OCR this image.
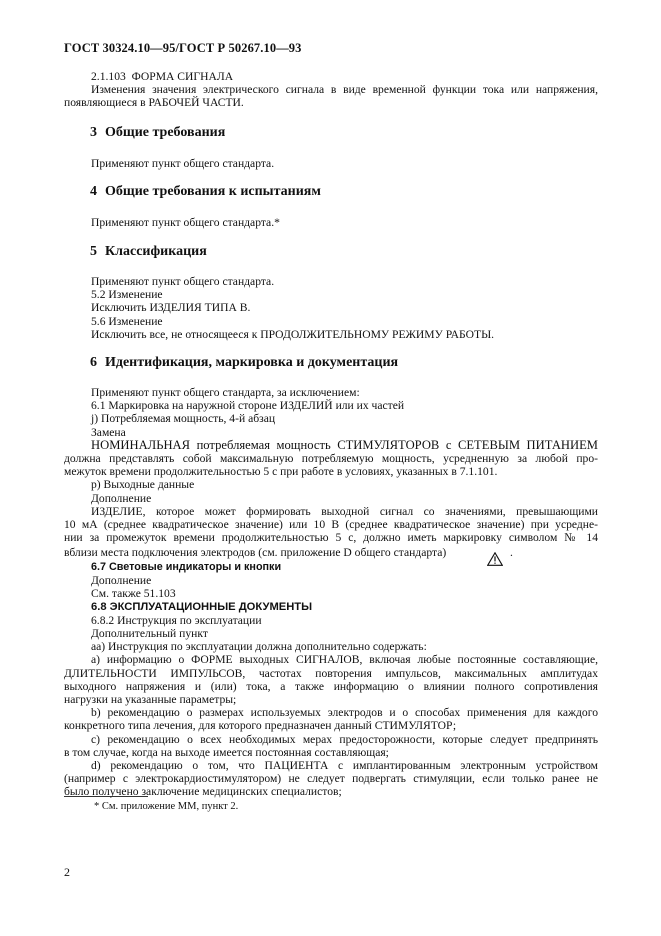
ГОСТ 30324.10—95/ГОСТ Р 50267.10—93
2.1.103 ФОРМА СИГНАЛА
Изменения значения электрического сигнала в виде временной функции тока или напряжения,
появляющиеся в РАБОЧЕЙ ЧАСТИ.
3 Общие требования
Применяют пункт общего стандарта.
4 Общие требования к испытаниям
Применяют пункт общего стандарта.*
5 Классификация
Применяют пункт общего стандарта.
5.2 Изменение
Исключить ИЗДЕЛИЯ ТИПА В.
5.6 Изменение
Исключить все, не относящееся к ПРОДОЛЖИТЕЛЬНОМУ РЕЖИМУ РАБОТЫ.
6 Идентификация, маркировка и документация
Применяют пункт общего стандарта, за исключением:
6.1 Маркировка на наружной стороне ИЗДЕЛИЙ или их частей
j) Потребляемая мощность, 4-й абзац
Замена
НОМИНАЛЬНАЯ потребляемая мощность СТИМУЛЯТОРОВ с СЕТЕВЫМ ПИТАНИЕМ
должна представлять собой максимальную потребляемую мощность, усредненную за любой про-
межуток времени продолжительностью 5 с при работе в условиях, указанных в 7.1.101.
p) Выходные данные
Дополнение
ИЗДЕЛИЕ, которое может формировать выходной сигнал со значениями, превышающими
10 мА (среднее квадратическое значение) или 10 В (среднее квадратическое значение) при усредне-
нии за промежуток времени продолжительностью 5 с, должно иметь маркировку символом № 14
вблизи места подключения электродов (см. приложение D общего стандарта)	.
6.7 Световые индикаторы и кнопки
Дополнение
См. также 51.103
6.8 ЭКСПЛУАТАЦИОННЫЕ ДОКУМЕНТЫ
6.8.2 Инструкция по эксплуатации
Дополнительный пункт
аа) Инструкция по эксплуатации должна дополнительно содержать:
а) информацию о ФОРМЕ выходных СИГНАЛОВ, включая любые постоянные составляющие,
ДЛИТЕЛЬНОСТИ ИМПУЛЬСОВ, частотах повторения импульсов, максимальных амплитудах
выходного напряжения и (или) тока, а также информацию о влиянии полного сопротивления
нагрузки на указанные параметры;
b) рекомендацию о размерах используемых электродов и о способах применения для каждого
конкретного типа лечения, для которого предназначен данный СТИМУЛЯТОР;
c) рекомендацию о всех необходимых мерах предосторожности, которые следует предпринять
в том случае, когда на выходе имеется постоянная составляющая;
d) рекомендацию о том, что ПАЦИЕНТА с имплантированным электронным устройством
(например с электрокардиостимулятором) не следует подвергать стимуляции, если только ранее не
было получено заключение медицинских специалистов;
* См. приложение ММ, пункт 2.
2
